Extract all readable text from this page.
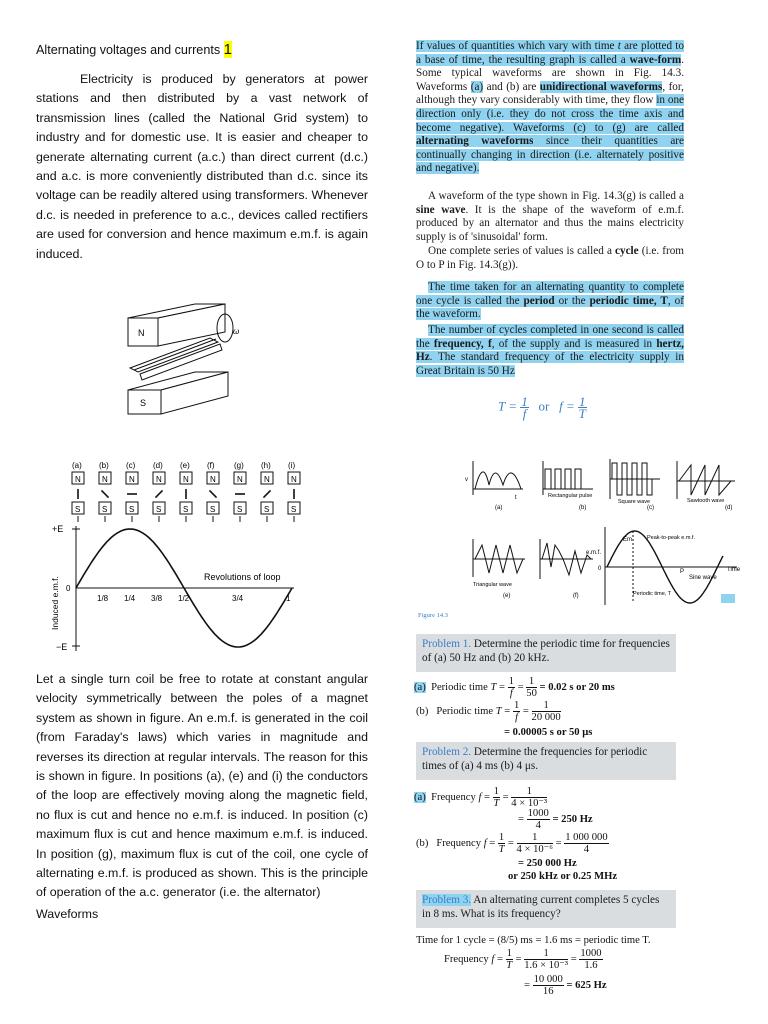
Alternating voltages and currents 1
Electricity is produced by generators at power stations and then distributed by a vast network of transmission lines (called the National Grid system) to industry and for domestic use. It is easier and cheaper to generate alternating current (a.c.) than direct current (d.c.) and a.c. is more conveniently distributed than d.c. since its voltage can be readily altered using transformers. Whenever d.c. is needed in preference to a.c., devices called rectifiers are used for conversion and hence maximum e.m.f. is again induced.
N	ω
S
(a) (b) (c) (d) (e) (f) (g) (h) (i)
N
S
N
S
N
S
N
S
N
S
N
S
N
S
N
S
N
S
+E
−E
0
1/8 1/4 3/8 1/2	3/4	1
Revolutions of loop
Induced e.m.f.
Let a single turn coil be free to rotate at constant angular velocity symmetrically between the poles of a magnet system as shown in figure. An e.m.f. is generated in the coil (from Faraday's laws) which varies in magnitude and reverses its direction at regular intervals. The reason for this is shown in figure. In positions (a), (e) and (i) the conductors of the loop are effectively moving along the magnetic field, no flux is cut and hence no e.m.f. is induced. In position (c) maximum flux is cut and hence maximum e.m.f. is induced. In position (g), maximum flux is cut of the coil, one cycle of alternating e.m.f. is produced as shown. This is the principle of operation of the a.c. generator (i.e. the alternator)
Waveforms
If values of quantities which vary with time t are plotted to a base of time, the resulting graph is called a wave-form. Some typical waveforms are shown in Fig. 14.3. Waveforms (a) and (b) are unidirectional waveforms, for, although they vary considerably with time, they flow in one direction only (i.e. they do not cross the time axis and become negative). Waveforms (c) to (g) are called alternating waveforms since their quantities are continually changing in direction (i.e. alternately positive and negative).
A waveform of the type shown in Fig. 14.3(g) is called a sine wave. It is the shape of the waveform of e.m.f. produced by an alternator and thus the mains electricity supply is of 'sinusoidal' form.
One complete series of values is called a cycle (i.e. from O to P in Fig. 14.3(g)).
The time taken for an alternating quantity to complete one cycle is called the period or the periodic time, T, of the waveform.
The number of cycles completed in one second is called the frequency, f, of the supply and is measured in hertz, Hz. The standard frequency of the electricity supply in Great Britain is 50 Hz
$T = \frac{1}{f}$ or $f = \frac{1}{T}$
v
t	Rectangular pulse
Square wave	Sawtooth wave
Triangular wave
e.m.f.
Em	Peak-to-peak e.m.f.
Periodic time, T
Sine wave
Time
0	P
(a)	(b)	(c)	(d)
(e)	(f)
Figure 14.3
Problem 1. Determine the periodic time for frequencies of (a) 50 Hz and (b) 20 kHz.
(a) Periodic time $T = \frac{1}{f} = \frac{1}{50} = 0.02$ s or 20 ms
(b) Periodic time $T = \frac{1}{f} = \frac{1}{20 000}$
= 0.00005 s or 50 μs
Problem 2. Determine the frequencies for periodic times of (a) 4 ms (b) 4 μs.
(a) Frequency $f = \frac{1}{T} = \frac{1}{\text{4 × 10⁻³}}$
= $\frac{1000}{4} = 250$ Hz
(b) Frequency $f = \frac{1}{T} = \frac{1}{\text{4 × 10⁻⁶}} = \frac{1 000 000}{4}$
= 250 000 Hz
or 250 kHz or 0.25 MHz
Problem 3. An alternating current completes 5 cycles in 8 ms. What is its frequency?
Time for 1 cycle = (8/5) ms = 1.6 ms = periodic time T.
Frequency $f = \frac{1}{T} = \frac{1}{\text{1.6 × 10⁻³}} = \frac{1000}{1.6}$
= $\frac{10 000}{16} = 625$ Hz
